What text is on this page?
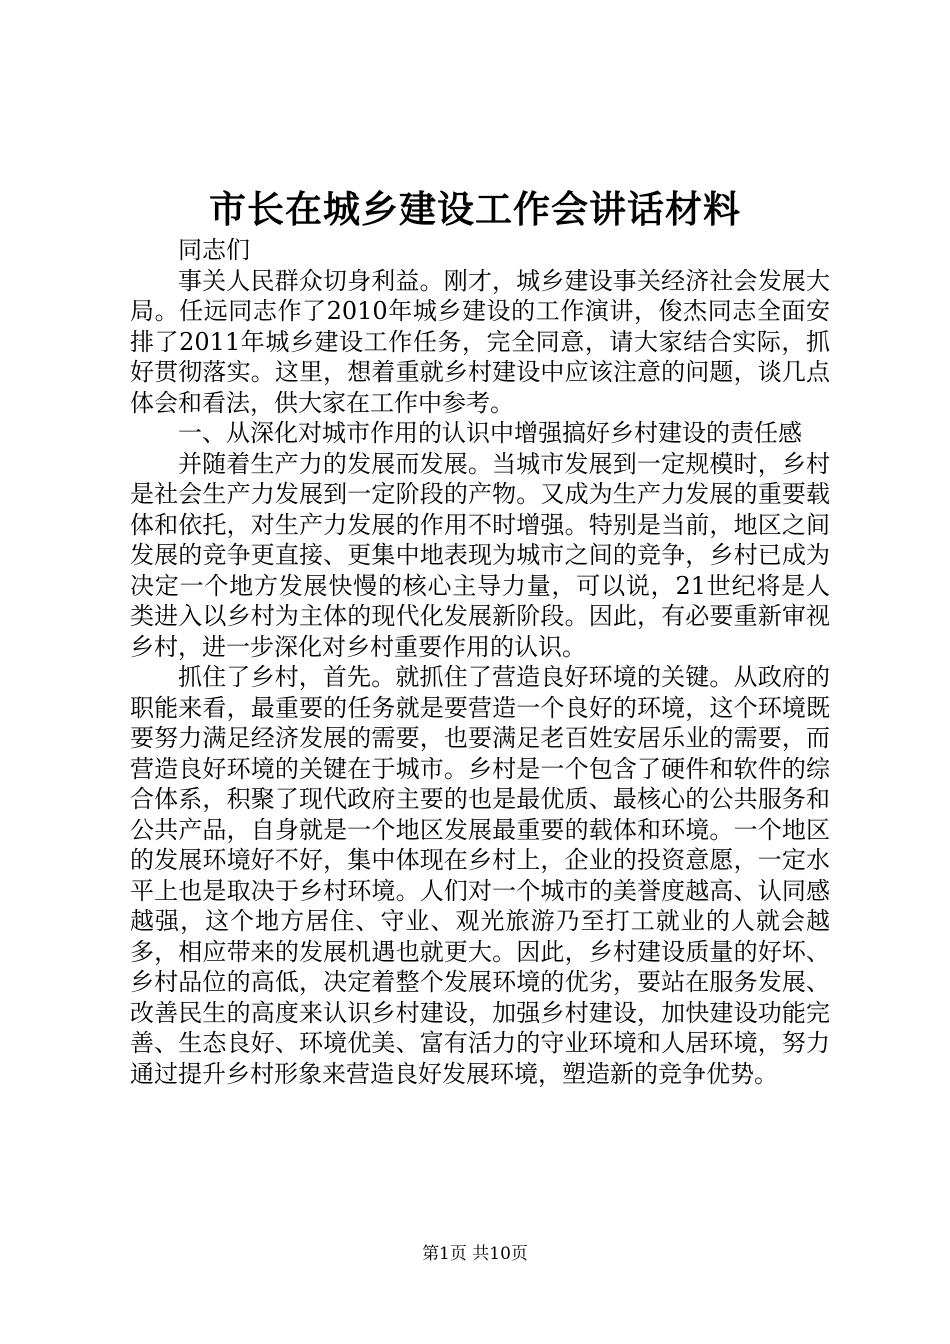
市长在城乡建设工作会讲话材料

同志们

事关人民群众切身利益。刚才，城乡建设事关经济社会发展大局。任远同志作了2010年城乡建设的工作演讲，俊杰同志全面安排了2011年城乡建设工作任务，完全同意，请大家结合实际，抓好贯彻落实。这里，想着重就乡村建设中应该注意的问题，谈几点体会和看法，供大家在工作中参考。

一、从深化对城市作用的认识中增强搞好乡村建设的责任感

并随着生产力的发展而发展。当城市发展到一定规模时，乡村是社会生产力发展到一定阶段的产物。又成为生产力发展的重要载体和依托，对生产力发展的作用不时增强。特别是当前，地区之间发展的竞争更直接、更集中地表现为城市之间的竞争，乡村已成为决定一个地方发展快慢的核心主导力量，可以说，21世纪将是人类进入以乡村为主体的现代化发展新阶段。因此，有必要重新审视乡村，进一步深化对乡村重要作用的认识。

抓住了乡村，首先。就抓住了营造良好环境的关键。从政府的职能来看，最重要的任务就是要营造一个良好的环境，这个环境既要努力满足经济发展的需要，也要满足老百姓安居乐业的需要，而营造良好环境的关键在于城市。乡村是一个包含了硬件和软件的综合体系，积聚了现代政府主要的也是最优质、最核心的公共服务和公共产品，自身就是一个地区发展最重要的载体和环境。一个地区的发展环境好不好，集中体现在乡村上，企业的投资意愿，一定水平上也是取决于乡村环境。人们对一个城市的美誉度越高、认同感越强，这个地方居住、守业、观光旅游乃至打工就业的人就会越多，相应带来的发展机遇也就更大。因此，乡村建设质量的好坏、乡村品位的高低，决定着整个发展环境的优劣，要站在服务发展、改善民生的高度来认识乡村建设，加强乡村建设，加快建设功能完善、生态良好、环境优美、富有活力的守业环境和人居环境，努力通过提升乡村形象来营造良好发展环境，塑造新的竞争优势。

第1页 共10页
